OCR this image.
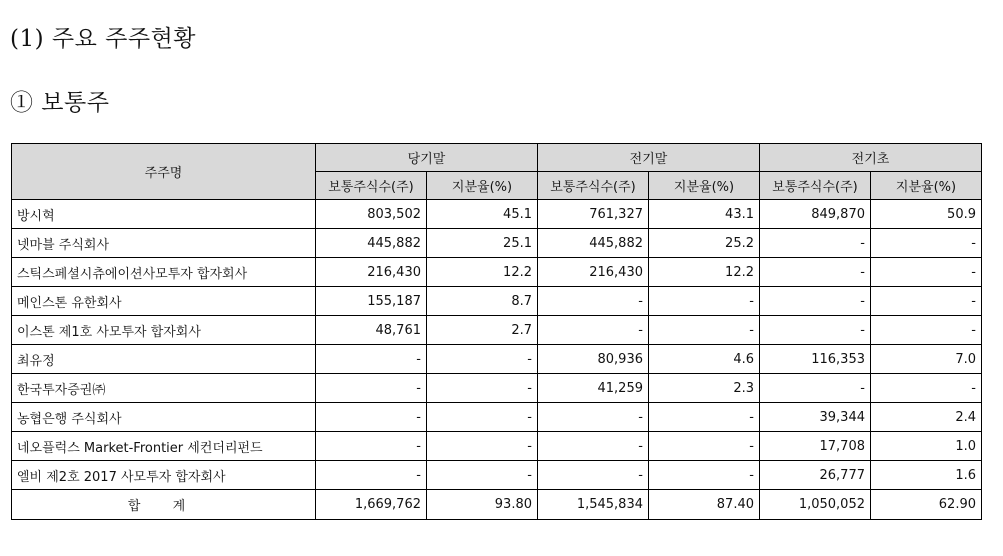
(1) 주요 주주현황
① 보통주
주주명	당기말		전기말		전기초	
	보통주식수(주)	지분율(%)	보통주식수(주)	지분율(%)	보통주식수(주)	지분율(%)
방시혁	803,502	45.1	761,327	43.1	849,870	50.9
넷마블 주식회사	445,882	25.1	445,882	25.2	-	-
스틱스페셜시츄에이션사모투자 합자회사	216,430	12.2	216,430	12.2	-	-
메인스톤 유한회사	155,187	8.7	-	-	-	-
이스톤 제1호 사모투자 합자회사	48,761	2.7	-	-	-	-
최유정	-	-	80,936	4.6	116,353	7.0
한국투자증권㈜	-	-	41,259	2.3	-	-
농협은행 주식회사	-	-	-	-	39,344	2.4
네오플럭스 Market-Frontier 세컨더리펀드	-	-	-	-	17,708	1.0
엘비 제2호 2017 사모투자 합자회사	-	-	-	-	26,777	1.6
합 계	1,669,762	93.80	1,545,834	87.40	1,050,052	62.90
